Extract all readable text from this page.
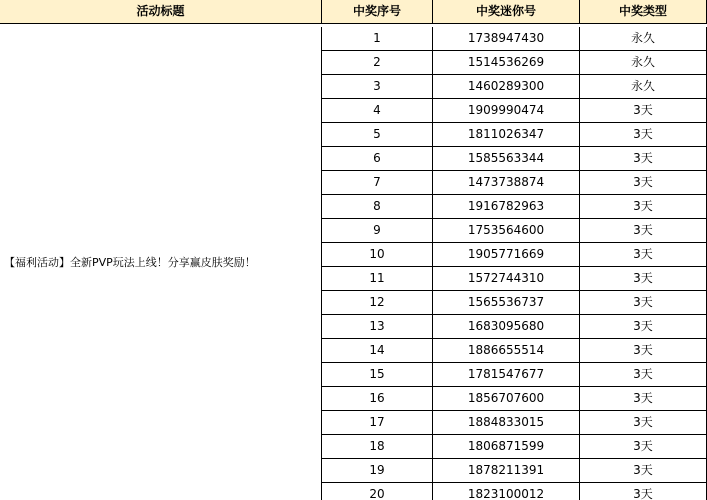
活动标题	中奖序号	中奖迷你号	中奖类型
【福利活动】全新PVP玩法上线！分享赢皮肤奖励！
1	1738947430	永久
2	1514536269	永久
3	1460289300	永久
4	1909990474	3天
5	1811026347	3天
6	1585563344	3天
7	1473738874	3天
8	1916782963	3天
9	1753564600	3天
10	1905771669	3天
11	1572744310	3天
12	1565536737	3天
13	1683095680	3天
14	1886655514	3天
15	1781547677	3天
16	1856707600	3天
17	1884833015	3天
18	1806871599	3天
19	1878211391	3天
20	1823100012	3天
